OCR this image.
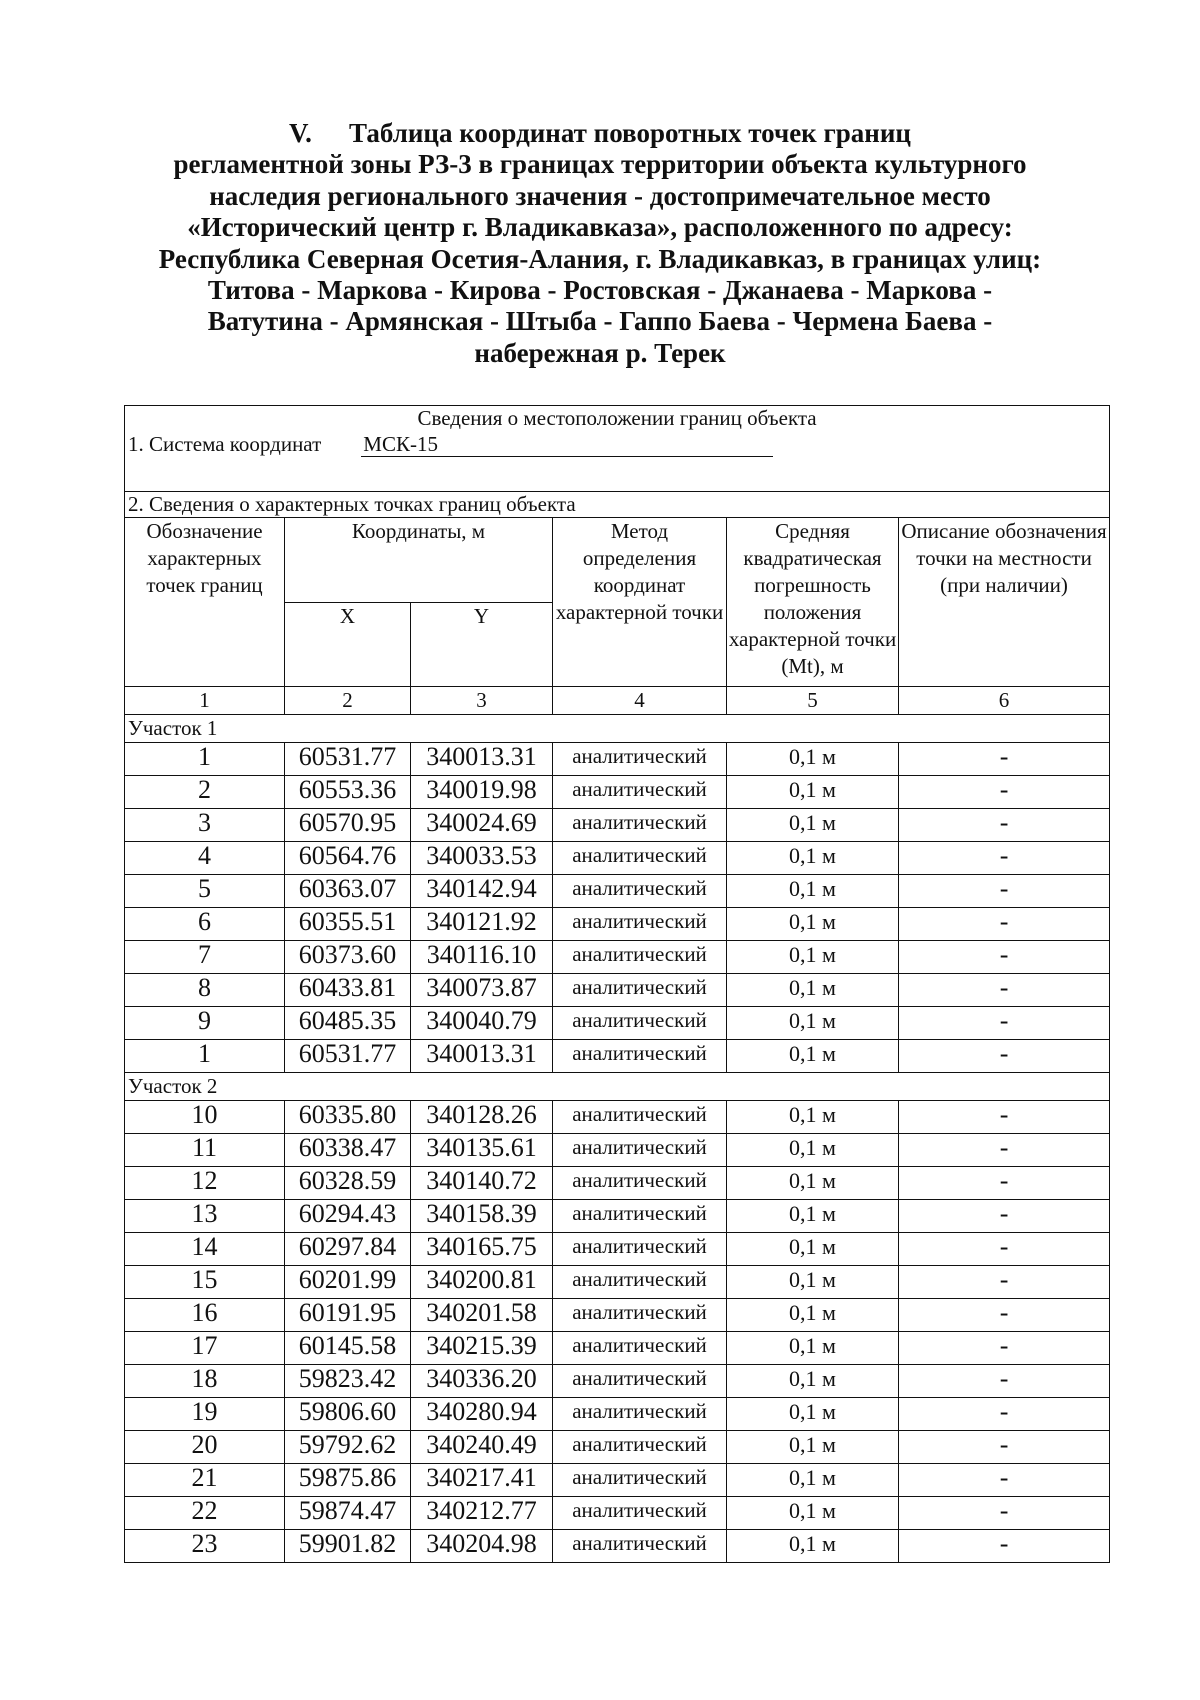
V. Таблица координат поворотных точек границ
регламентной зоны РЗ-3 в границах территории объекта культурного
наследия регионального значения - достопримечательное место
«Исторический центр г. Владикавказа», расположенного по адресу:
Республика Северная Осетия-Алания, г. Владикавказ, в границах улиц:
Титова - Маркова - Кирова - Ростовская - Джанаева - Маркова -
Ватутина - Армянская - Штыба - Гаппо Баева - Чермена Баева -
набережная р. Терек
Сведения о местоположении границ объекта					
1. Система координат МСК-15					
2. Сведения о характерных точках границ объекта					
Обозначение характерных точек границ	Координаты, м		Метод определения координат характерной точки	Средняя квадратическая погрешность положения характерной точки (Mt), м	Описание обозначения точки на местности (при наличии)
	X	Y			
1	2	3	4	5	6
Участок 1					
1	60531.77	340013.31	аналитический	0,1 м	-
2	60553.36	340019.98	аналитический	0,1 м	-
3	60570.95	340024.69	аналитический	0,1 м	-
4	60564.76	340033.53	аналитический	0,1 м	-
5	60363.07	340142.94	аналитический	0,1 м	-
6	60355.51	340121.92	аналитический	0,1 м	-
7	60373.60	340116.10	аналитический	0,1 м	-
8	60433.81	340073.87	аналитический	0,1 м	-
9	60485.35	340040.79	аналитический	0,1 м	-
1	60531.77	340013.31	аналитический	0,1 м	-
Участок 2					
10	60335.80	340128.26	аналитический	0,1 м	-
11	60338.47	340135.61	аналитический	0,1 м	-
12	60328.59	340140.72	аналитический	0,1 м	-
13	60294.43	340158.39	аналитический	0,1 м	-
14	60297.84	340165.75	аналитический	0,1 м	-
15	60201.99	340200.81	аналитический	0,1 м	-
16	60191.95	340201.58	аналитический	0,1 м	-
17	60145.58	340215.39	аналитический	0,1 м	-
18	59823.42	340336.20	аналитический	0,1 м	-
19	59806.60	340280.94	аналитический	0,1 м	-
20	59792.62	340240.49	аналитический	0,1 м	-
21	59875.86	340217.41	аналитический	0,1 м	-
22	59874.47	340212.77	аналитический	0,1 м	-
23	59901.82	340204.98	аналитический	0,1 м	-
